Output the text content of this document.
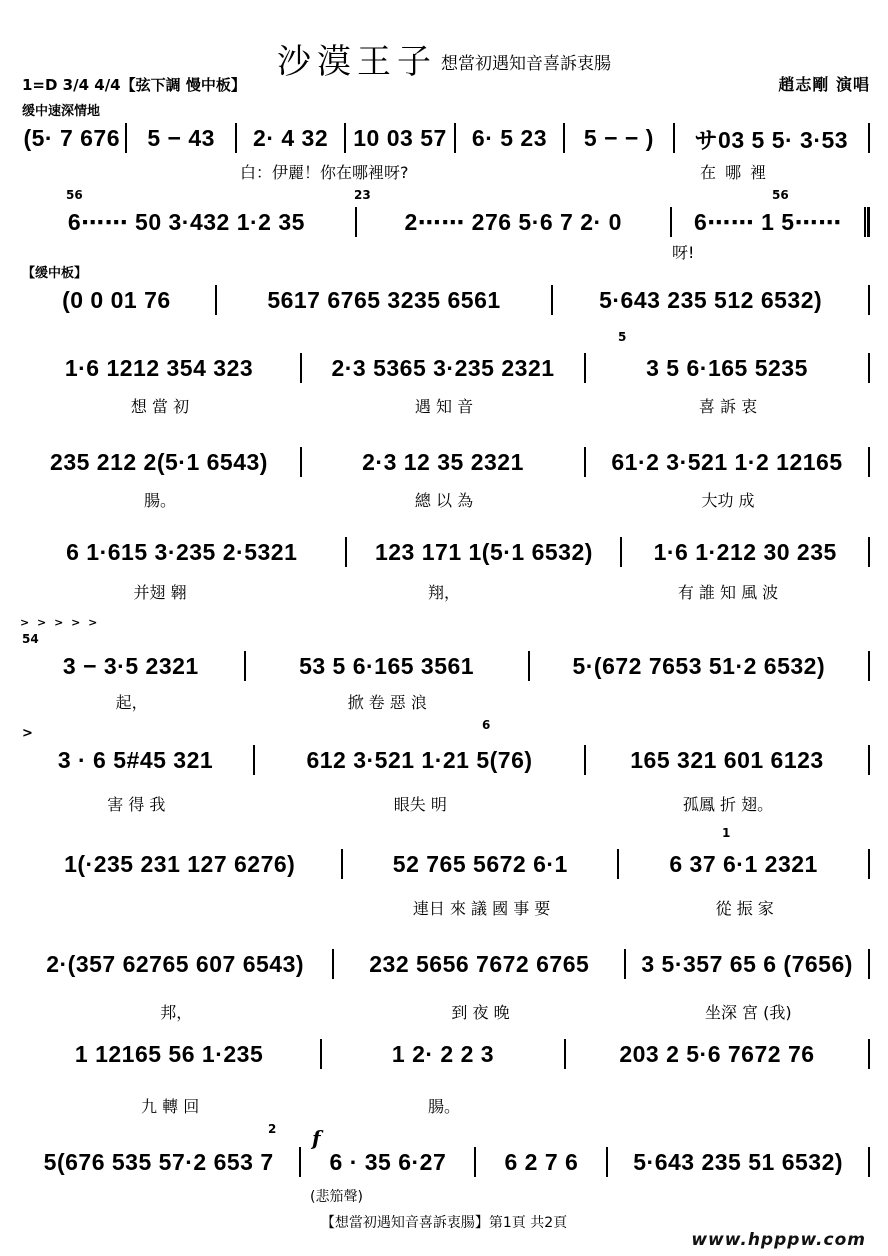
沙漠王子 想當初遇知音喜訴衷腸
1=D 3/4 4/4【弦下調 慢中板】	趙志剛 演唱
缓中速深情地
(5· 7 676	5 − 43	2· 4 32	10 03 57	6· 5 23	5 − − )	サ03 5 5· 3·53
白：伊麗！你在哪裡呀?	在 哪 裡
6⋯⋯ 50 3·432 1·2 35	2⋯⋯ 276 5·6 7 2· 0	6⋯⋯ 1 5⋯⋯
56	23	56
呀!
【缓中板】
(0 0 01 76	5617 6765 3235 6561	5·643 235 512 6532)
1·6 1212 354 323	2·3 5365 3·235 2321	3 5 6·165 5235
想 當 初	遇 知 音	喜 訴 衷
5
235 212 2(5·1 6543)	2·3 12 35 2321	61·2 3·521 1·2 12165
腸。	總 以 為	大功 成
6 1·615 3·235 2·5321	123 171 1(5·1 6532)	1·6 1·212 30 235
并翅 翱	翔，	有 誰 知 風 波
> > > > >
54
3 − 3·5 2321	53 5 6·165 3561	5·(672 7653 51·2 6532)
起，	掀 卷 惡 浪
>
6
3 · 6 5#45 321	612 3·521 1·21 5(76)	165 321 601 6123
害 得 我	眼失 明	孤鳳 折 翅。
1
1(·235 231 127 6276)	52 765 5672 6·1	6 37 6·1 2321
連日 來 議 國 事 要	從 振 家
2·(357 62765 607 6543)	232 5656 7672 6765	3 5·357 65 6 (7656)
邦，	到 夜 晚	坐深 宮 (我)
1 12165 56 1·235	1 2· 2 2 3	203 2 5·6 7672 76
九 轉 回	腸。
2 f
5(676 535 57·2 653 7	6 · 35 6·27	6 2 7 6	5·643 235 51 6532)
(悲笳聲)
【想當初遇知音喜訴衷腸】第1頁 共2頁
www.hpppw.com
